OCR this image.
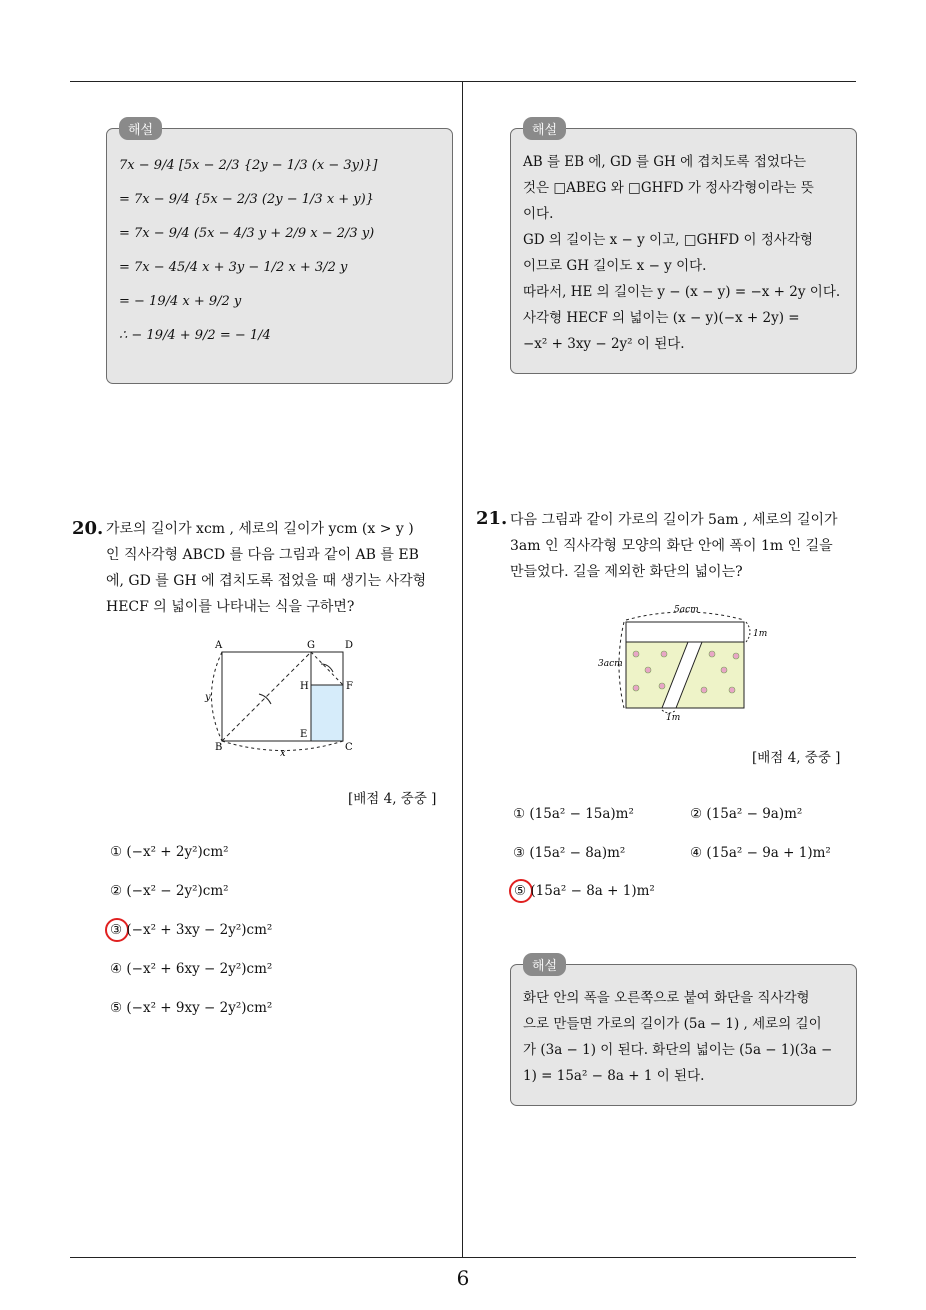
해설
7x − 9/4 [5x − 2/3 {2y − 1/3 (x − 3y)}]
= 7x − 9/4 {5x − 2/3 (2y − 1/3 x + y)}
= 7x − 9/4 (5x − 4/3 y + 2/9 x − 2/3 y)
= 7x − 45/4 x + 3y − 1/2 x + 3/2 y
= − 19/4 x + 9/2 y
∴ − 19/4 + 9/2 = − 1/4
해설

AB 를 EB 에, GD 를 GH 에 겹치도록 접었다는

것은 □ABEG 와 □GHFD 가 정사각형이라는 뜻

이다.

GD 의 길이는 x − y 이고, □GHFD 이 정사각형

이므로 GH 길이도 x − y 이다.

따라서, HE 의 길이는 y − (x − y) = −x + 2y 이다.

사각형 HECF 의 넓이는 (x − y)(−x + 2y) =

−x² + 3xy − 2y² 이 된다.

20. 가로의 길이가 xcm , 세로의 길이가 ycm (x > y )

인 직사각형 ABCD 를 다음 그림과 같이 AB 를 EB

에, GD 를 GH 에 겹치도록 접었을 때 생기는 사각형

HECF 의 넓이를 나타내는 식을 구하면?

A	G	D
H	F
E
B	C
x
y
[배점 4, 중중 ]
① (−x² + 2y²)cm²
② (−x² − 2y²)cm²
③ (−x² + 3xy − 2y²)cm²
④ (−x² + 6xy − 2y²)cm²
⑤ (−x² + 9xy − 2y²)cm²
21. 다음 그림과 같이 가로의 길이가 5am , 세로의 길이가

3am 인 직사각형 모양의 화단 안에 폭이 1m 인 길을

만들었다. 길을 제외한 화단의 넓이는?

5acm
3acm
1m
1m
[배점 4, 중중 ]
① (15a² − 15a)m²	② (15a² − 9a)m²
③ (15a² − 8a)m²	④ (15a² − 9a + 1)m²
⑤ (15a² − 8a + 1)m²
해설

화단 안의 폭을 오른쪽으로 붙여 화단을 직사각형

으로 만들면 가로의 길이가 (5a − 1) , 세로의 길이

가 (3a − 1) 이 된다. 화단의 넓이는 (5a − 1)(3a −

1) = 15a² − 8a + 1 이 된다.

6
